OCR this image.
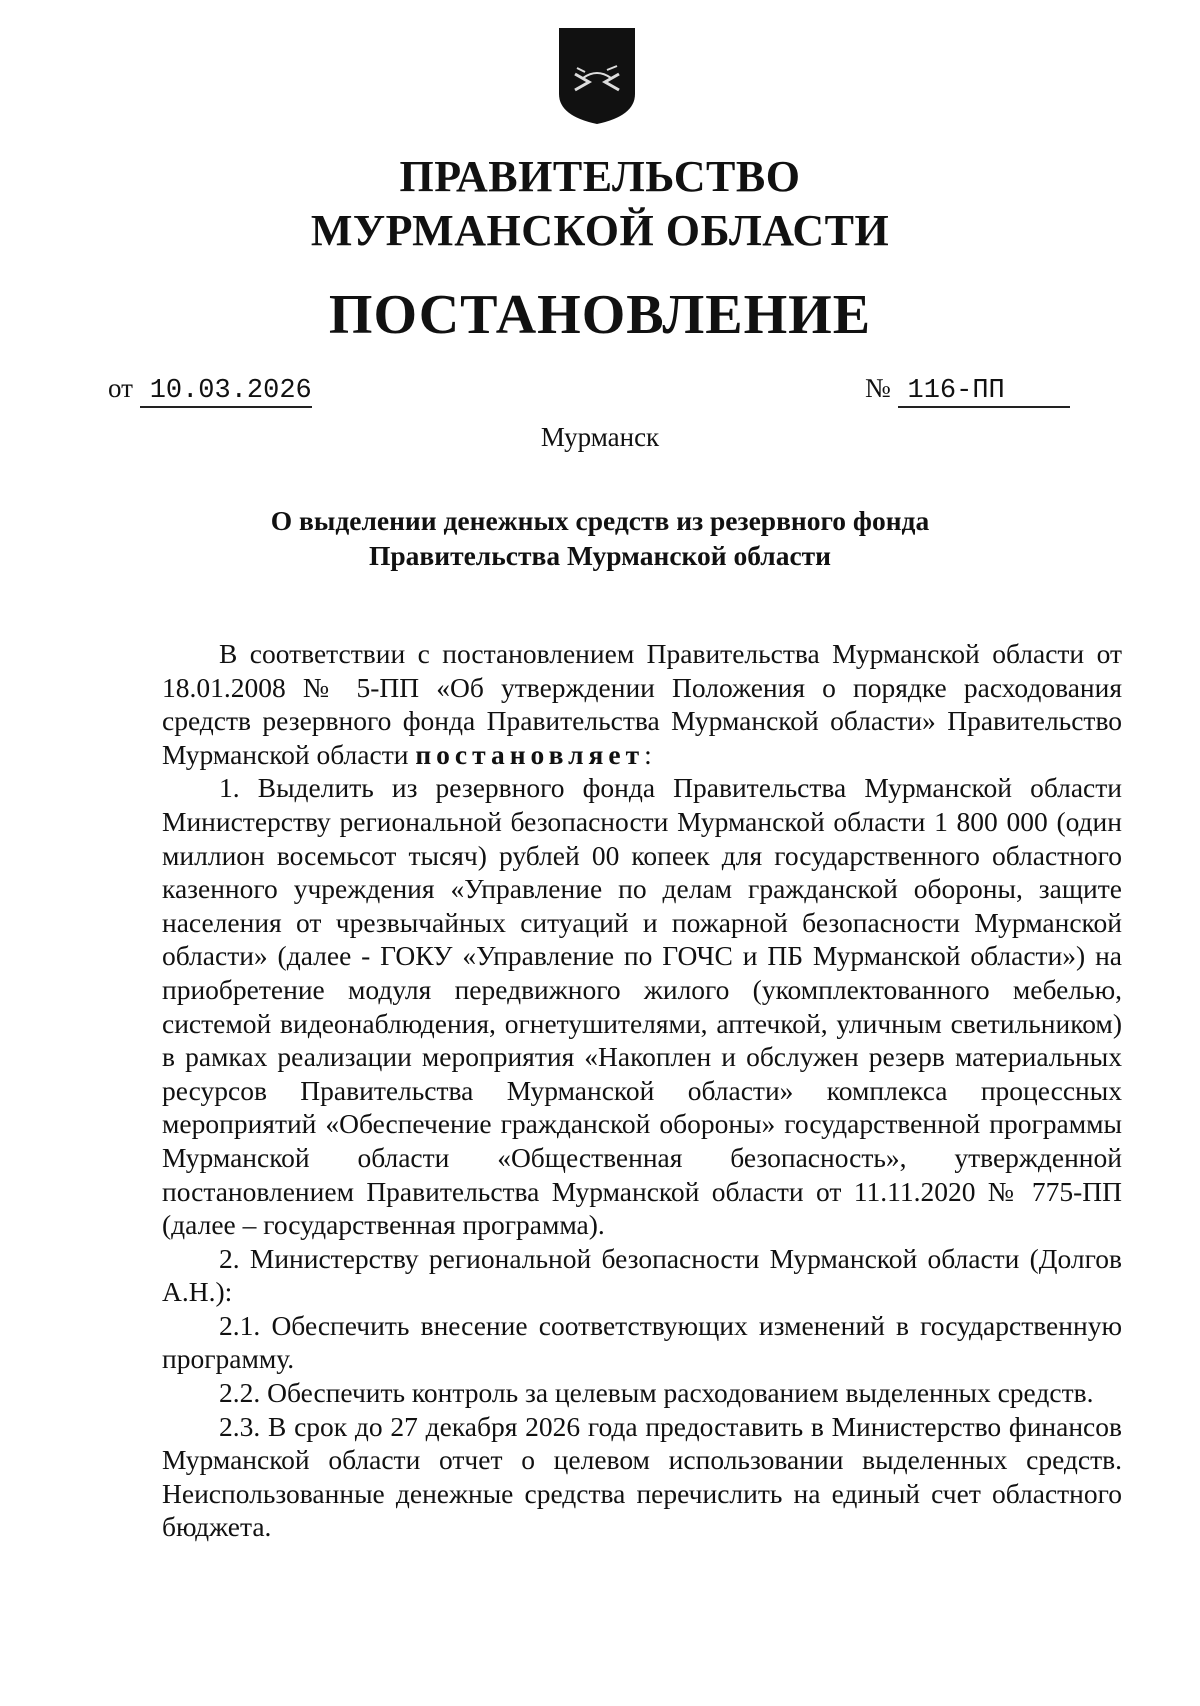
ПРАВИТЕЛЬСТВО
МУРМАНСКОЙ ОБЛАСТИ
ПОСТАНОВЛЕНИЕ
от 10.03.2026	№ 116-ПП
Мурманск
О выделении денежных средств из резервного фонда
Правительства Мурманской области

В соответствии с постановлением Правительства Мурманской области от 18.01.2008 № 5-ПП «Об утверждении Положения о порядке расходования средств резервного фонда Правительства Мурманской области» Правительство Мурманской области постановляет:

1. Выделить из резервного фонда Правительства Мурманской области Министерству региональной безопасности Мурманской области 1 800 000 (один миллион восемьсот тысяч) рублей 00 копеек для государственного областного казенного учреждения «Управление по делам гражданской обороны, защите населения от чрезвычайных ситуаций и пожарной безопасности Мурманской области» (далее - ГОКУ «Управление по ГОЧС и ПБ Мурманской области») на приобретение модуля передвижного жилого (укомплектованного мебелью, системой видеонаблюдения, огнетушителями, аптечкой, уличным светильником) в рамках реализации мероприятия «Накоплен и обслужен резерв материальных ресурсов Правительства Мурманской области» комплекса процессных мероприятий «Обеспечение гражданской обороны» государственной программы Мурманской области «Общественная безопасность», утвержденной постановлением Правительства Мурманской области от 11.11.2020 № 775-ПП (далее – государственная программа).

2. Министерству региональной безопасности Мурманской области (Долгов А.Н.):

2.1. Обеспечить внесение соответствующих изменений в государственную программу.

2.2. Обеспечить контроль за целевым расходованием выделенных средств.

2.3. В срок до 27 декабря 2026 года предоставить в Министерство финансов Мурманской области отчет о целевом использовании выделенных средств. Неиспользованные денежные средства перечислить на единый счет областного бюджета.
